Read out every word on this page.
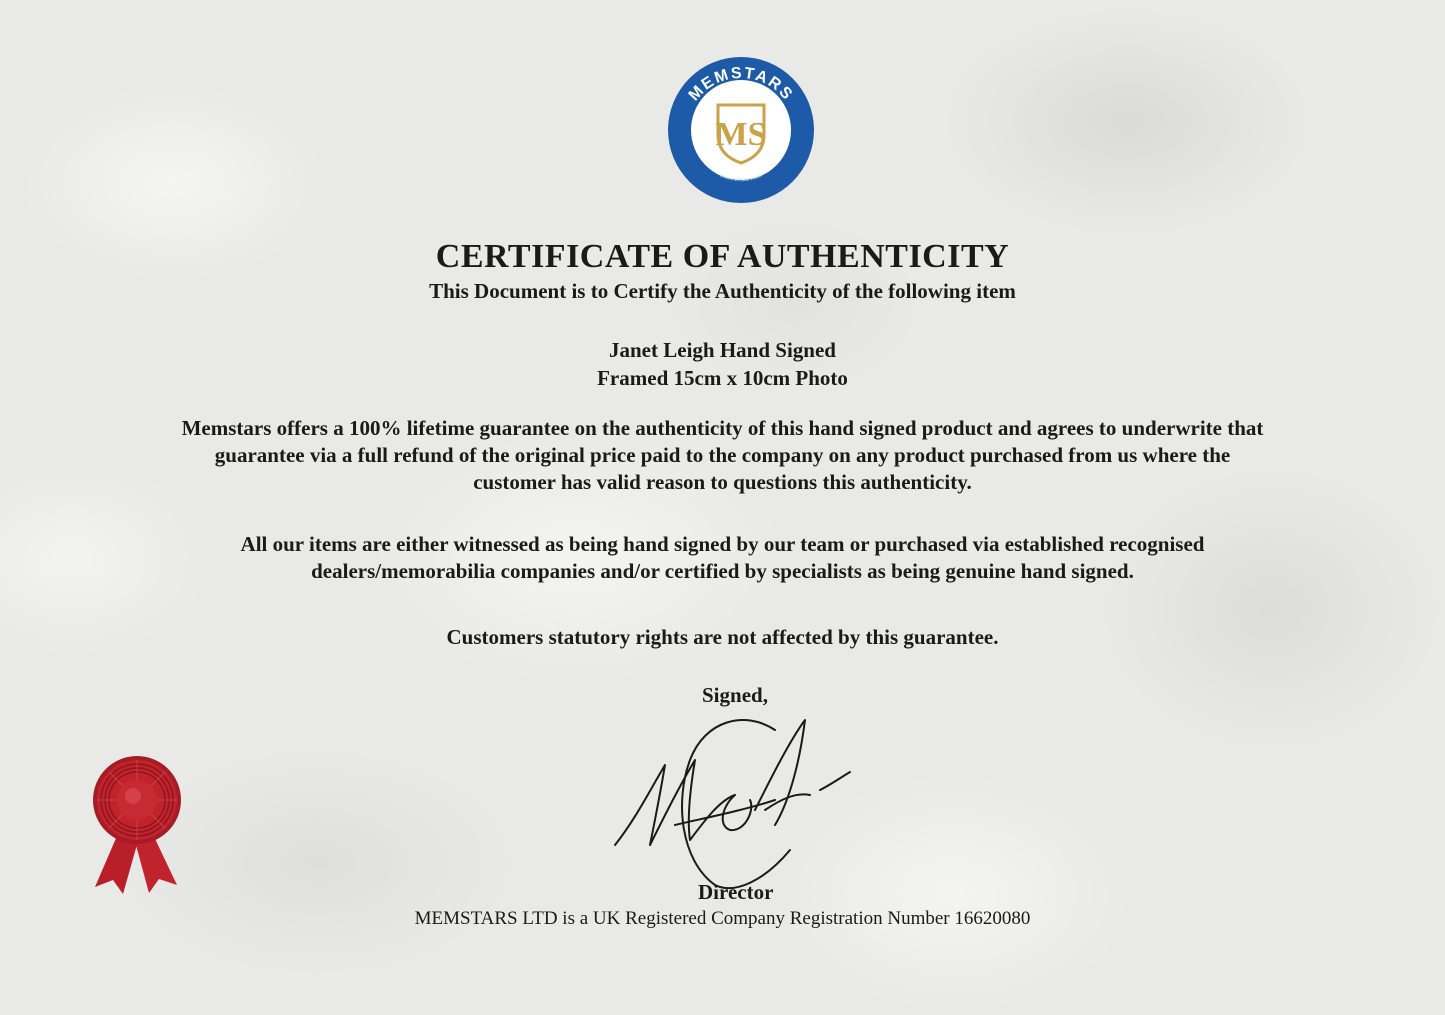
MEMSTARS
www.memstars.com
MS
CERTIFICATE OF AUTHENTICITY
This Document is to Certify the Authenticity of the following item
Janet Leigh Hand Signed
Framed 15cm x 10cm Photo
Memstars offers a 100% lifetime guarantee on the authenticity of this hand signed product and agrees to underwrite that
guarantee via a full refund of the original price paid to the company on any product purchased from us where the
customer has valid reason to questions this authenticity.
All our items are either witnessed as being hand signed by our team or purchased via established recognised
dealers/memorabilia companies and/or certified by specialists as being genuine hand signed.
Customers statutory rights are not affected by this guarantee.
Signed,
Director
MEMSTARS LTD is a UK Registered Company Registration Number 16620080
